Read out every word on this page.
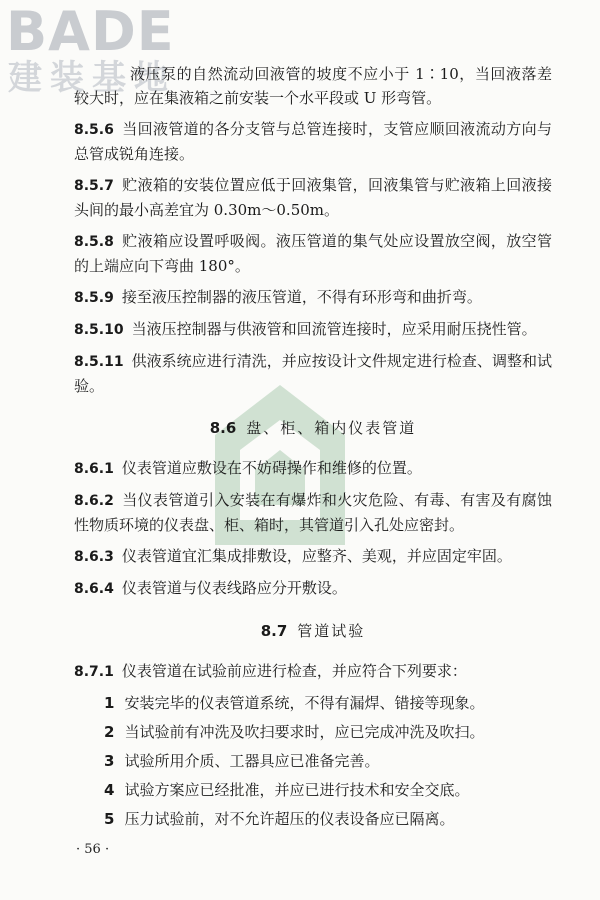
BADE
建装基地

液压泵的自然流动回液管的坡度不应小于 1∶10，当回液落差较大时，应在集液箱之前安装一个水平段或 U 形弯管。

8.5.6 当回液管道的各分支管与总管连接时，支管应顺回液流动方向与总管成锐角连接。

8.5.7 贮液箱的安装位置应低于回液集管，回液集管与贮液箱上回液接头间的最小高差宜为 0.30m～0.50m。

8.5.8 贮液箱应设置呼吸阀。液压管道的集气处应设置放空阀，放空管的上端应向下弯曲 180°。

8.5.9 接至液压控制器的液压管道，不得有环形弯和曲折弯。

8.5.10 当液压控制器与供液管和回流管连接时，应采用耐压挠性管。

8.5.11 供液系统应进行清洗，并应按设计文件规定进行检查、调整和试验。

8.6 盘、柜、箱内仪表管道

8.6.1 仪表管道应敷设在不妨碍操作和维修的位置。

8.6.2 当仪表管道引入安装在有爆炸和火灾危险、有毒、有害及有腐蚀性物质环境的仪表盘、柜、箱时，其管道引入孔处应密封。

8.6.3 仪表管道宜汇集成排敷设，应整齐、美观，并应固定牢固。

8.6.4 仪表管道与仪表线路应分开敷设。

8.7 管道试验

8.7.1 仪表管道在试验前应进行检查，并应符合下列要求：

1 安装完毕的仪表管道系统，不得有漏焊、错接等现象。
2 当试验前有冲洗及吹扫要求时，应已完成冲洗及吹扫。
3 试验所用介质、工器具应已准备完善。
4 试验方案应已经批准，并应已进行技术和安全交底。
5 压力试验前，对不允许超压的仪表设备应已隔离。
· 56 ·
